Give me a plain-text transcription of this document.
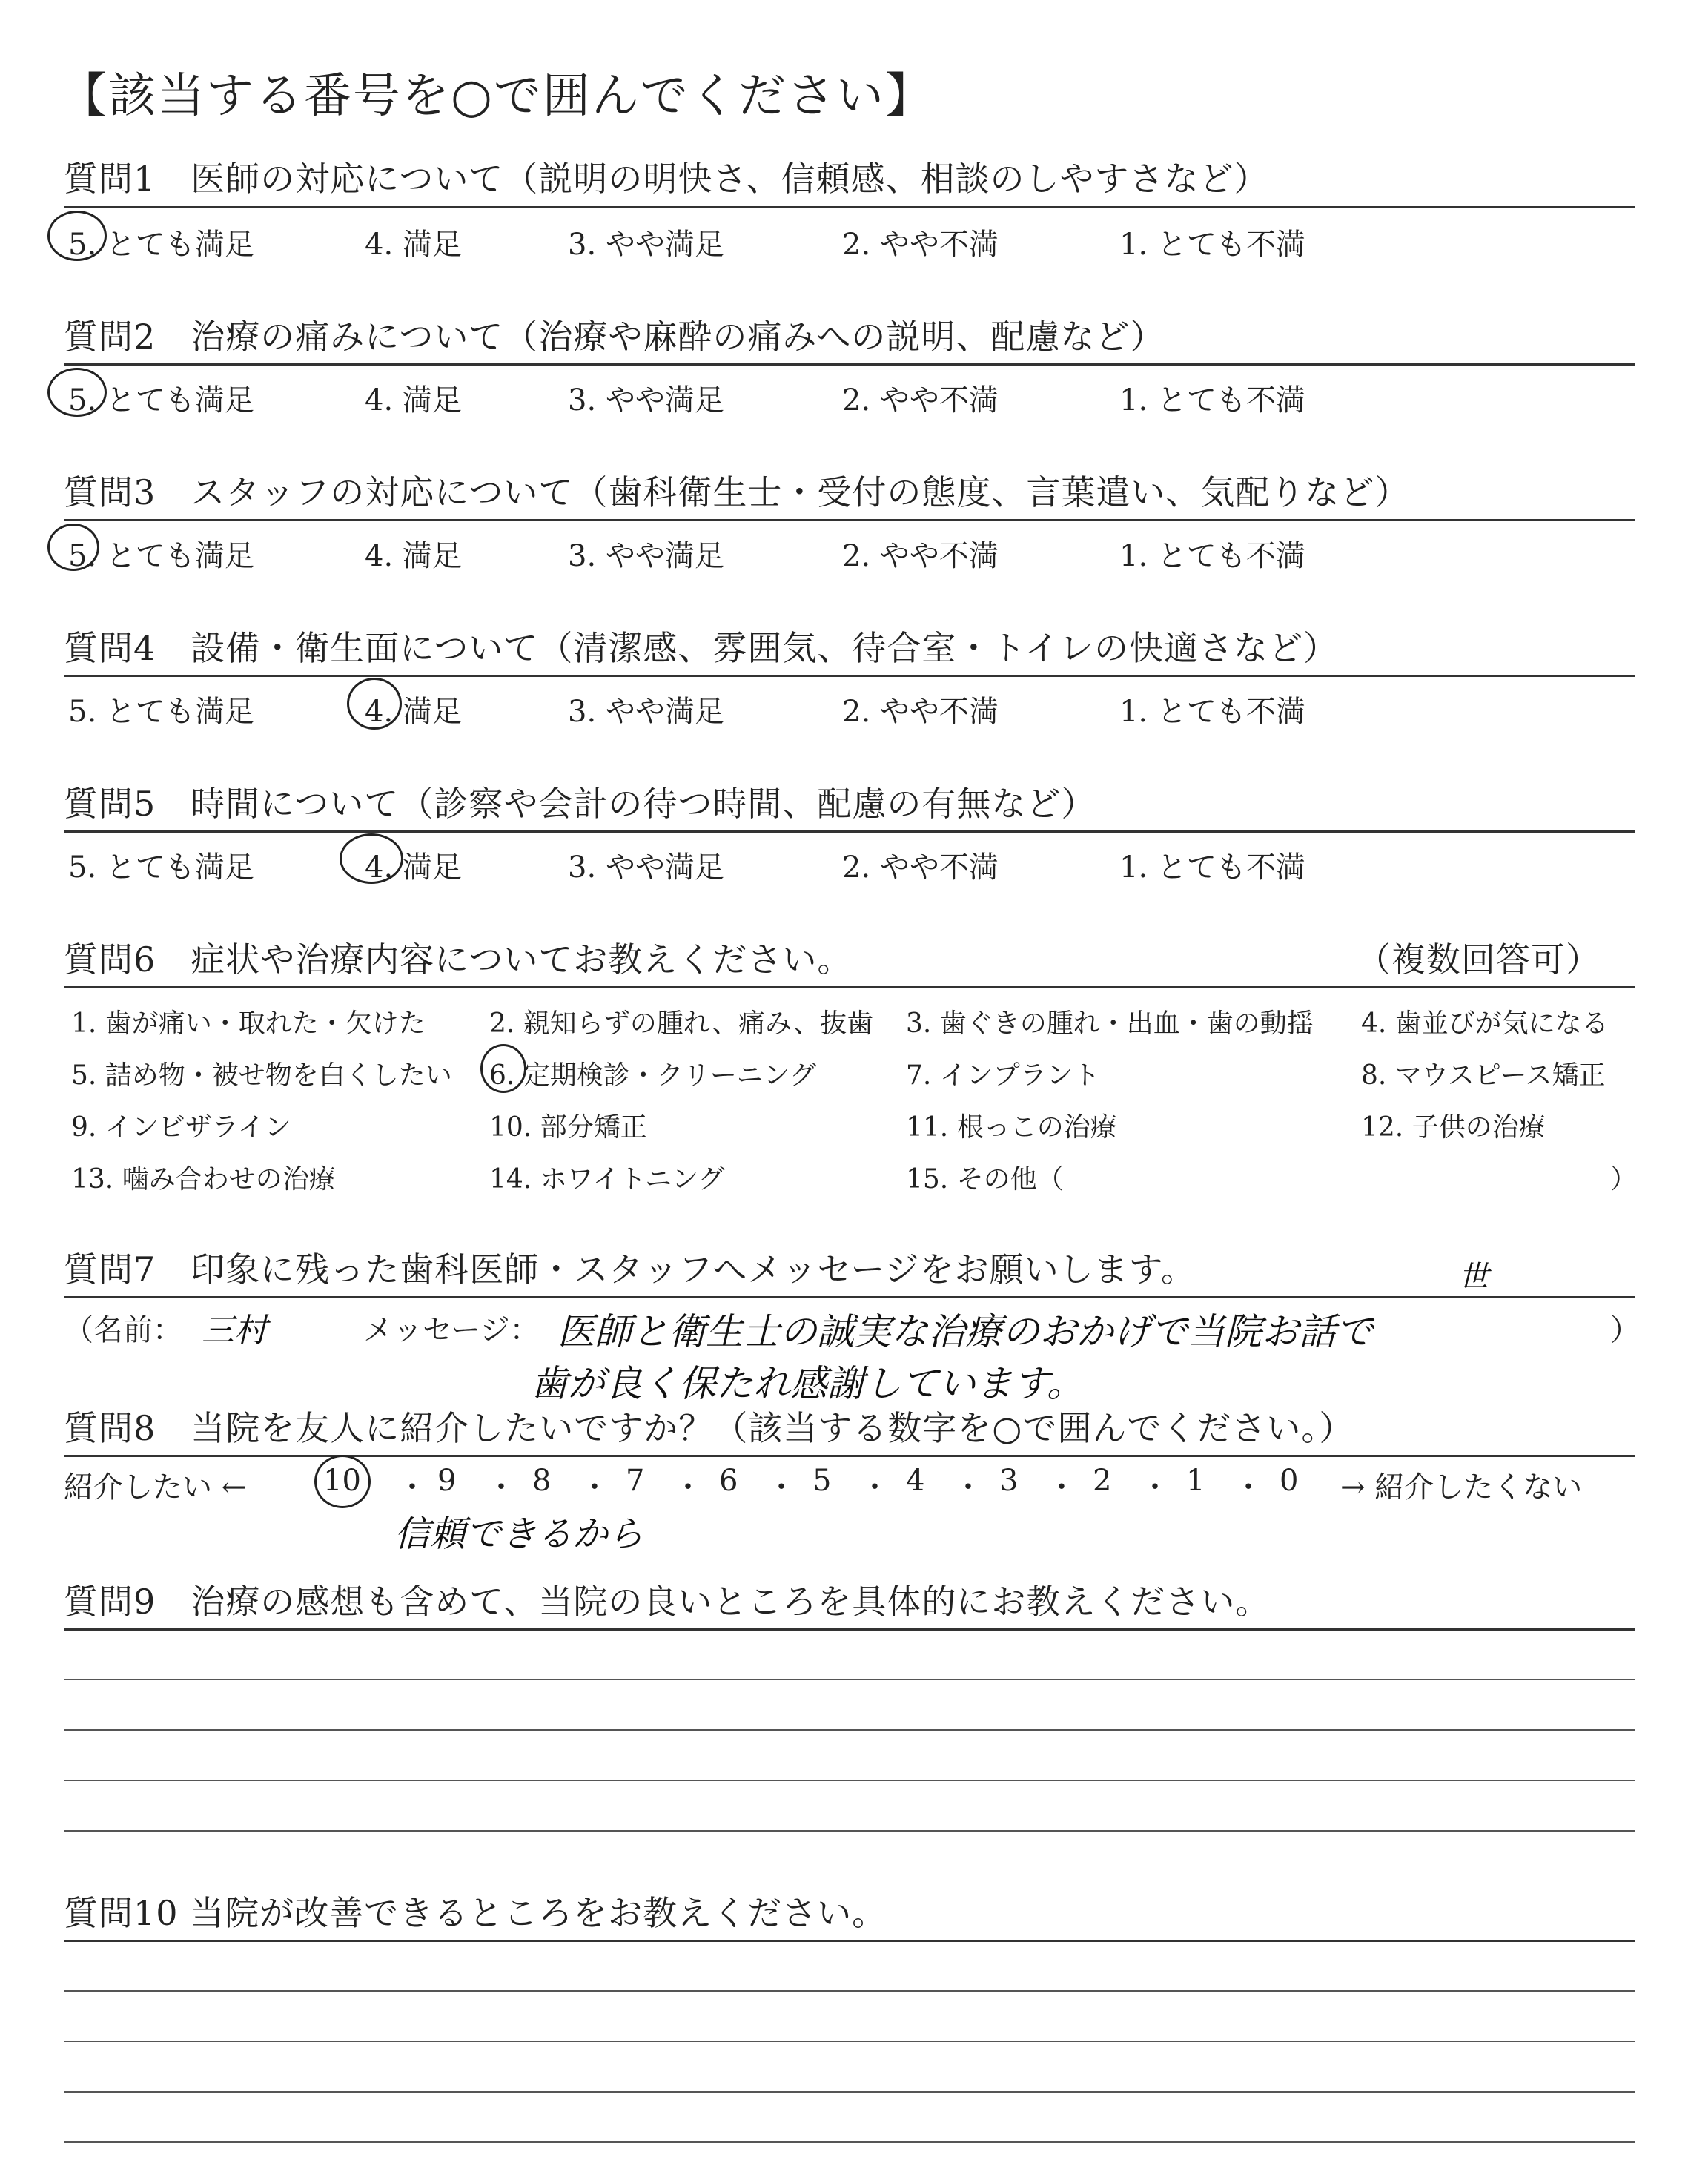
【該当する番号を○で囲んでください】
質問1　医師の対応について（説明の明快さ、信頼感、相談のしやすさなど）
5. とても満足	4. 満足	3. やや満足	2. やや不満	1. とても不満
質問2　治療の痛みについて（治療や麻酔の痛みへの説明、配慮など）
5. とても満足	4. 満足	3. やや満足	2. やや不満	1. とても不満
質問3　スタッフの対応について（歯科衛生士・受付の態度、言葉遣い、気配りなど）
5. とても満足	4. 満足	3. やや満足	2. やや不満	1. とても不満
質問4　設備・衛生面について（清潔感、雰囲気、待合室・トイレの快適さなど）
5. とても満足	4. 満足	3. やや満足	2. やや不満	1. とても不満
質問5　時間について（診察や会計の待つ時間、配慮の有無など）
5. とても満足	4. 満足	3. やや満足	2. やや不満	1. とても不満
質問6　症状や治療内容についてお教えください。	（複数回答可）
1. 歯が痛い・取れた・欠けた 2. 親知らずの腫れ、痛み、抜歯 3. 歯ぐきの腫れ・出血・歯の動揺 4. 歯並びが気になる
5. 詰め物・被せ物を白くしたい 6. 定期検診・クリーニング	7. インプラント	8. マウスピース矯正
9. インビザライン	10. 部分矯正	11. 根っこの治療	12. 子供の治療
13. 噛み合わせの治療	14. ホワイトニング	15. その他（	）
質問7　印象に残った歯科医師・スタッフへメッセージをお願いします。
（名前： 三村	メッセージ： 医師と衛生士の誠実な治療のおかげで当院お話で
世
歯が良く保たれ感謝しています。
）
質問8　当院を友人に紹介したいですか？（該当する数字を○で囲んでください。）
紹介したい ←	10 ・ 9 ・ 8 ・ 7 ・ 6 ・ 5 ・ 4 ・ 3 ・ 2 ・ 1 ・ 0 → 紹介したくない
信頼できるから
質問9　治療の感想も含めて、当院の良いところを具体的にお教えください。
質問10 当院が改善できるところをお教えください。
